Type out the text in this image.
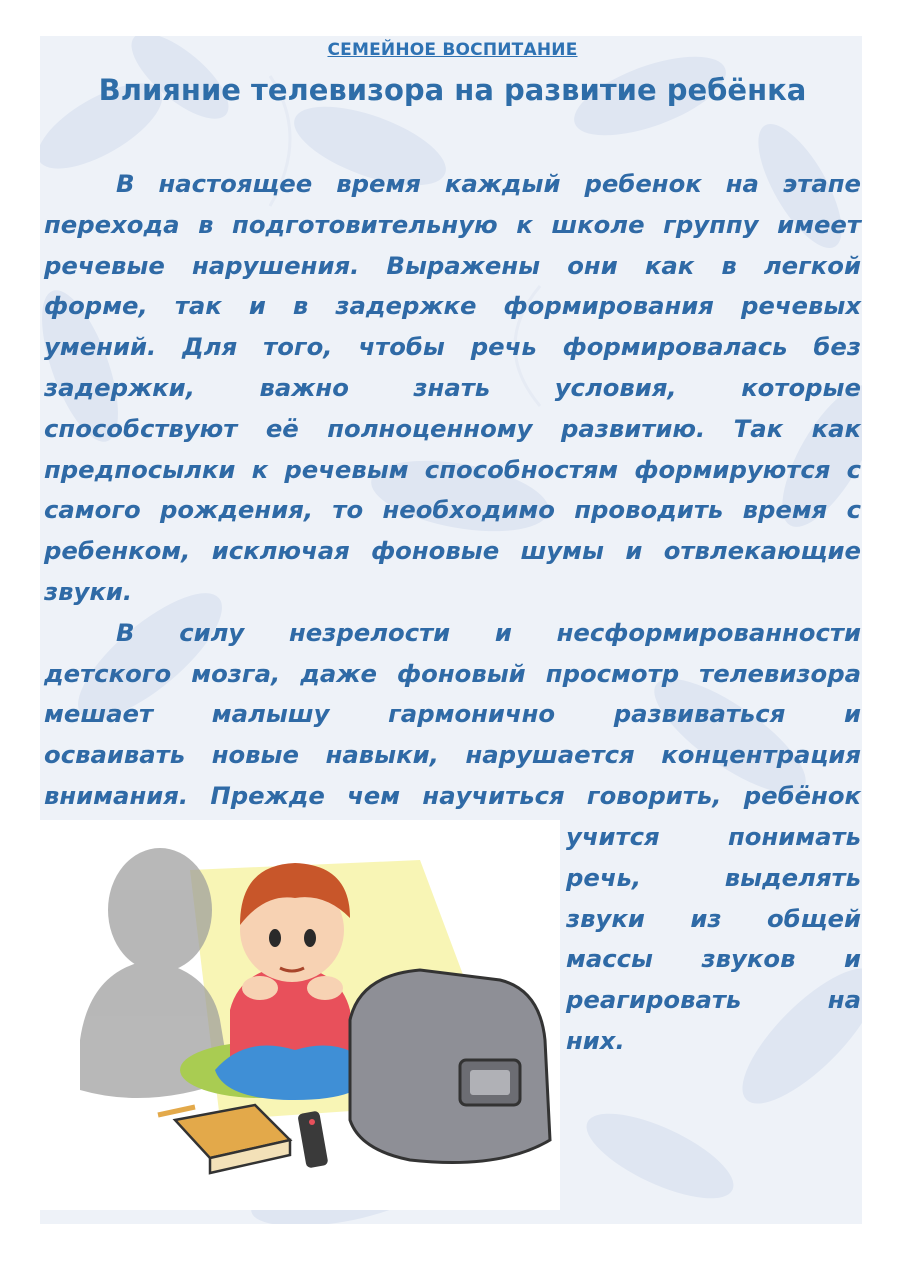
СЕМЕЙНОЕ ВОСПИТАНИЕ
Влияние телевизора на развитие ребёнка
В настоящее время каждый ребенок на этапе
перехода в подготовительную к школе группу имеет
речевые нарушения. Выражены они как в легкой
форме, так и в задержке формирования речевых
умений. Для того, чтобы речь формировалась без
задержки, важно знать условия, которые
способствуют её полноценному развитию. Так как
предпосылки к речевым способностям формируются с
самого рождения, то необходимо проводить время с
ребенком, исключая фоновые шумы и отвлекающие
звуки.
В силу незрелости и несформированности
детского мозга, даже фоновый просмотр телевизора
мешает малышу гармонично развиваться и
осваивать новые навыки, нарушается концентрация
внимания. Прежде чем научиться говорить, ребёнок
учится понимать
речь, выделять
звуки из общей
массы звуков и
реагировать на
них.
